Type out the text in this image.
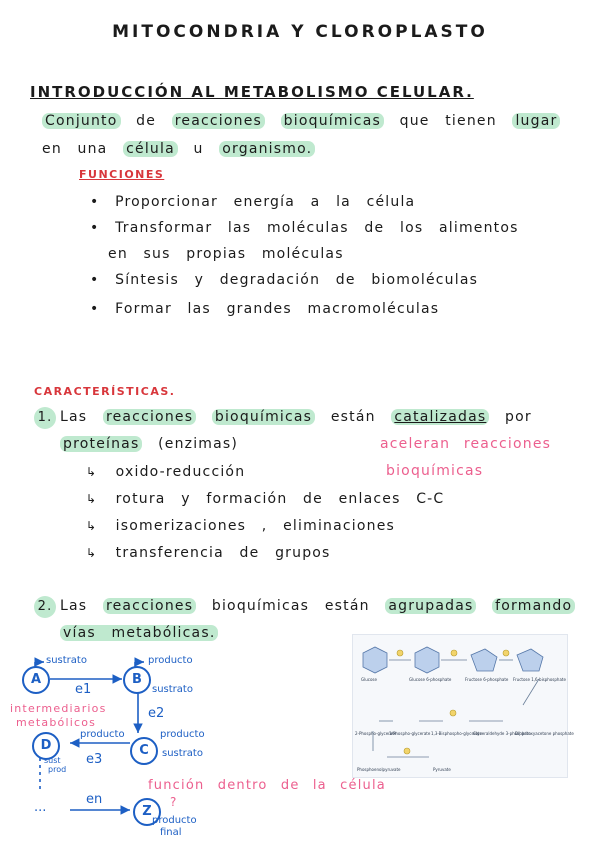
MITOCONDRIA Y CLOROPLASTO
INTRODUCCIÓN AL METABOLISMO CELULAR.
Conjunto de reacciones bioquímicas que tienen lugar
en una célula u organismo.
FUNCIONES
• Proporcionar energía a la célula
• Transformar las moléculas de los alimentos
en sus propias moléculas
• Síntesis y degradación de biomoléculas
• Formar las grandes macromoléculas
CARACTERÍSTICAS.
1. Las reacciones bioquímicas están catalizadas por
proteínas (enzimas)	aceleran reacciones
bioquímicas
↳ oxido-reducción
↳ rotura y formación de enlaces C-C
↳ isomerizaciones , eliminaciones
↳ transferencia de grupos
2. Las reacciones bioquímicas están agrupadas formando
vías metabólicas.
A	B
C
D
Z
sustrato	producto
e1	sustrato
e2
intermediarios
metabólicos
producto	producto
sustrato
e3
sust
prod
...
en
producto
final
función dentro de la célula
?
Glucose	Glucose 6-phosphate	Fructose 6-phosphate Fructose 1,6-bisphosphate
2-Phospho-glycerate
3-Phospho-glycerate 1,3-Bisphospho-glycerate
Glyceraldehyde 3-phosphate
Dihydroxyacetone phosphate
Phosphoenolpyruvate	Pyruvate
